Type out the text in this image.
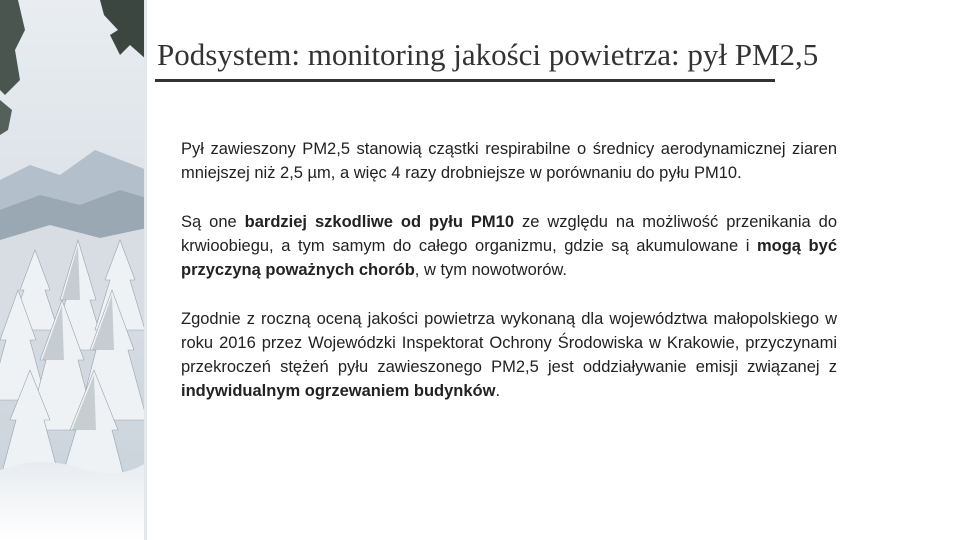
Podsystem: monitoring jakości powietrza: pył PM2,5

Pył zawieszony PM2,5 stanowią cząstki respirabilne o średnicy aerodynamicznej ziaren mniejszej niż 2,5 µm, a więc 4 razy drobniejsze w porównaniu do pyłu PM10.

Są one bardziej szkodliwe od pyłu PM10 ze względu na możliwość przenikania do krwioobiegu, a tym samym do całego organizmu, gdzie są akumulowane i mogą być przyczyną poważnych chorób, w tym nowotworów.

Zgodnie z roczną oceną jakości powietrza wykonaną dla województwa małopolskiego w roku 2016 przez Wojewódzki Inspektorat Ochrony Środowiska w Krakowie, przyczynami przekroczeń stężeń pyłu zawieszonego PM2,5 jest oddziaływanie emisji związanej z indywidualnym ogrzewaniem budynków.
